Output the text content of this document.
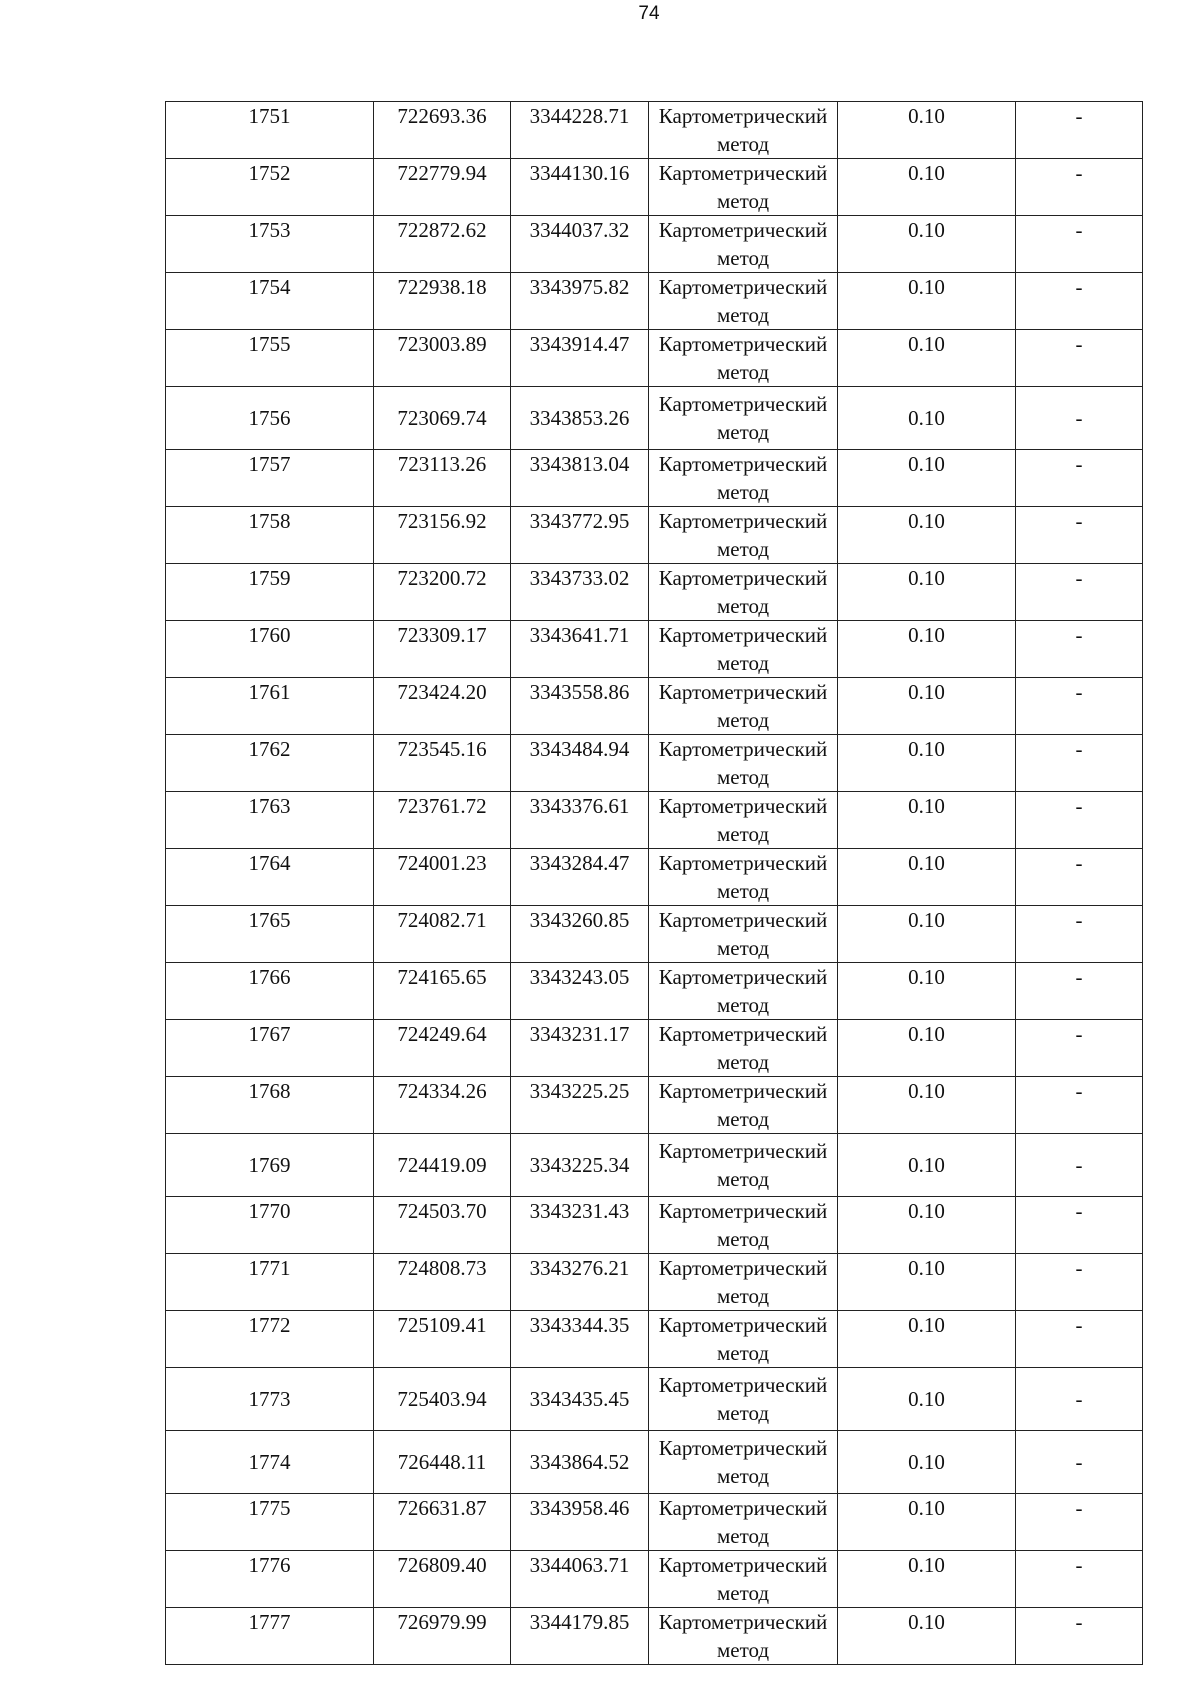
74
1751	722693.36	3344228.71	Картометрический метод	0.10	-
1752	722779.94	3344130.16	Картометрический метод	0.10	-
1753	722872.62	3344037.32	Картометрический метод	0.10	-
1754	722938.18	3343975.82	Картометрический метод	0.10	-
1755	723003.89	3343914.47	Картометрический метод	0.10	-
1756	723069.74	3343853.26	Картометрический метод	0.10	-
1757	723113.26	3343813.04	Картометрический метод	0.10	-
1758	723156.92	3343772.95	Картометрический метод	0.10	-
1759	723200.72	3343733.02	Картометрический метод	0.10	-
1760	723309.17	3343641.71	Картометрический метод	0.10	-
1761	723424.20	3343558.86	Картометрический метод	0.10	-
1762	723545.16	3343484.94	Картометрический метод	0.10	-
1763	723761.72	3343376.61	Картометрический метод	0.10	-
1764	724001.23	3343284.47	Картометрический метод	0.10	-
1765	724082.71	3343260.85	Картометрический метод	0.10	-
1766	724165.65	3343243.05	Картометрический метод	0.10	-
1767	724249.64	3343231.17	Картометрический метод	0.10	-
1768	724334.26	3343225.25	Картометрический метод	0.10	-
1769	724419.09	3343225.34	Картометрический метод	0.10	-
1770	724503.70	3343231.43	Картометрический метод	0.10	-
1771	724808.73	3343276.21	Картометрический метод	0.10	-
1772	725109.41	3343344.35	Картометрический метод	0.10	-
1773	725403.94	3343435.45	Картометрический метод	0.10	-
1774	726448.11	3343864.52	Картометрический метод	0.10	-
1775	726631.87	3343958.46	Картометрический метод	0.10	-
1776	726809.40	3344063.71	Картометрический метод	0.10	-
1777	726979.99	3344179.85	Картометрический метод	0.10	-
